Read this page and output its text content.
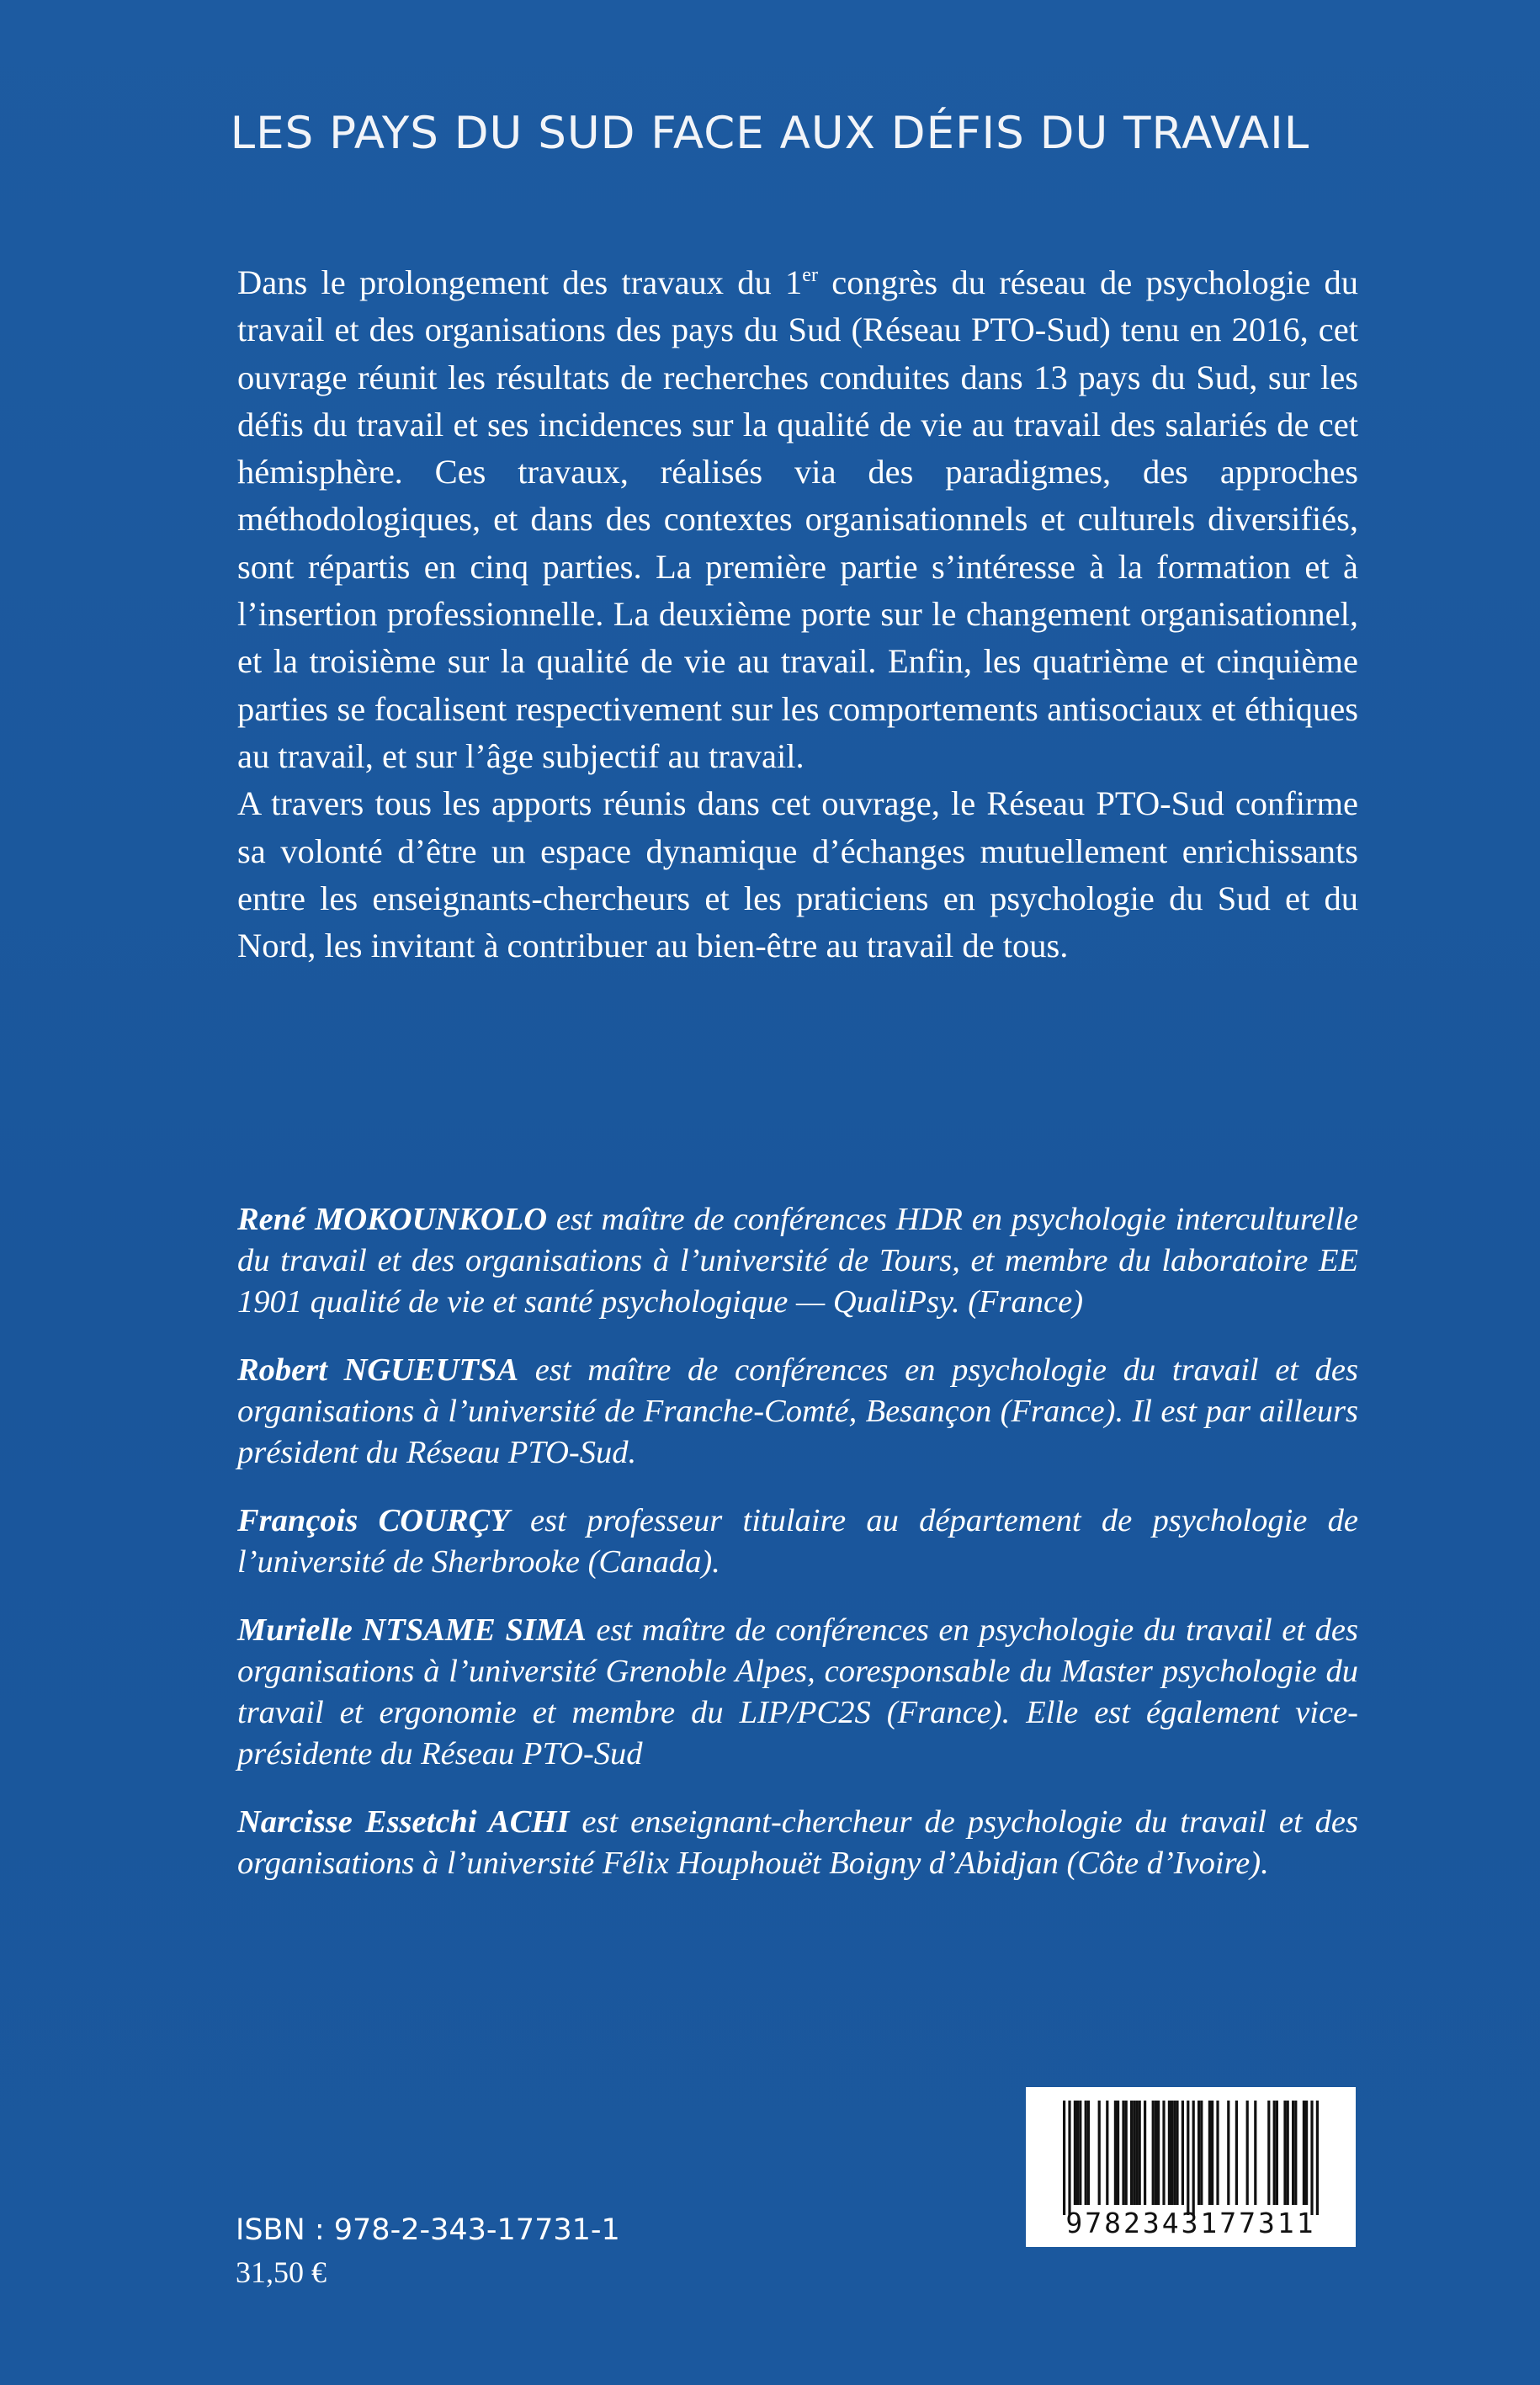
LES PAYS DU SUD FACE AUX DÉFIS DU TRAVAIL

Dans le prolongement des travaux du 1er congrès du réseau de psychologie du travail et des organisations des pays du Sud (Réseau PTO-Sud) tenu en 2016, cet ouvrage réunit les résultats de recherches conduites dans 13 pays du Sud, sur les défis du travail et ses incidences sur la qualité de vie au travail des salariés de cet hémisphère. Ces travaux, réalisés via des paradigmes, des approches méthodologiques, et dans des contextes organisationnels et culturels diversifiés, sont répartis en cinq parties. La première partie s’intéresse à la formation et à l’insertion professionnelle. La deuxième porte sur le changement organisationnel, et la troisième sur la qualité de vie au travail. Enfin, les quatrième et cinquième parties se focalisent respectivement sur les comportements antisociaux et éthiques au travail, et sur l’âge subjectif au travail.

A travers tous les apports réunis dans cet ouvrage, le Réseau PTO-Sud confirme sa volonté d’être un espace dynamique d’échanges mutuellement enrichissants entre les enseignants-chercheurs et les praticiens en psychologie du Sud et du Nord, les invitant à contribuer au bien-être au travail de tous.

René MOKOUNKOLO est maître de conférences HDR en psychologie interculturelle du travail et des organisations à l’université de Tours, et membre du laboratoire EE 1901 qualité de vie et santé psychologique — QualiPsy. (France)

Robert NGUEUTSA est maître de conférences en psychologie du travail et des organisations à l’université de Franche-Comté, Besançon (France). Il est par ailleurs président du Réseau PTO-Sud.

François COURÇY est professeur titulaire au département de psychologie de l’université de Sherbrooke (Canada).

Murielle NTSAME SIMA est maître de conférences en psychologie du travail et des organisations à l’université Grenoble Alpes, coresponsable du Master psychologie du travail et ergonomie et membre du LIP/PC2S (France). Elle est également vice-présidente du Réseau PTO-Sud

Narcisse Essetchi ACHI est enseignant-chercheur de psychologie du travail et des organisations à l’université Félix Houphouët Boigny d’Abidjan (Côte d’Ivoire).

ISBN : 978-2-343-17731-1
31,50 €
9782343177311
